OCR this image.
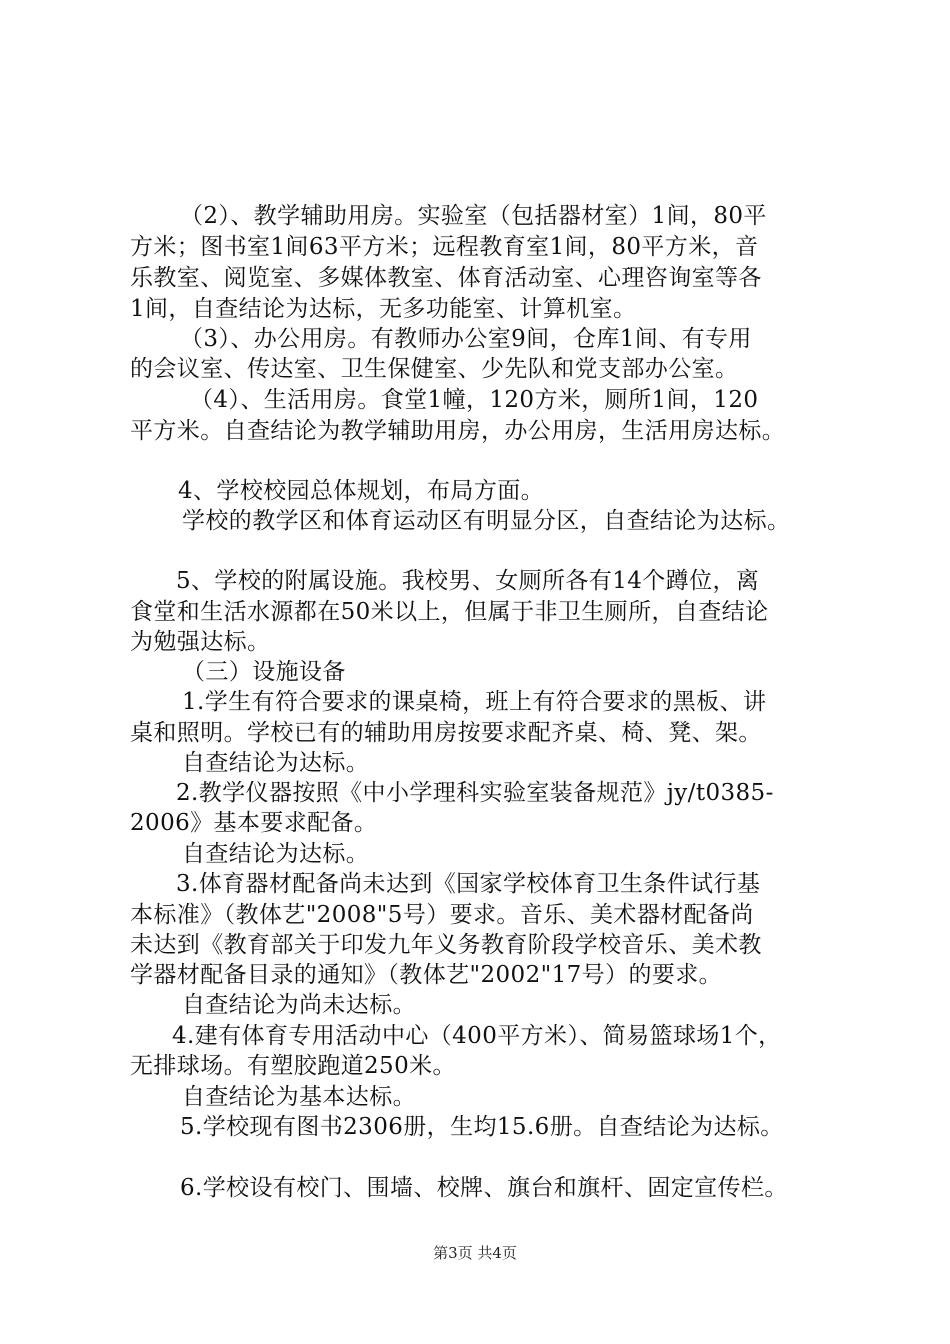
（2）、教学辅助用房。实验室（包括器材室）1间，80平

方米；图书室1间63平方米；远程教育室1间，80平方米，音

乐教室、阅览室、多媒体教室、体育活动室、心理咨询室等各

1间，自查结论为达标，无多功能室、计算机室。

（3）、办公用房。有教师办公室9间，仓库1间、有专用

的会议室、传达室、卫生保健室、少先队和党支部办公室。

（4）、生活用房。食堂1幢，120方米，厕所1间，120

平方米。自查结论为教学辅助用房，办公用房，生活用房达标。

4、学校校园总体规划，布局方面。

学校的教学区和体育运动区有明显分区，自查结论为达标。

5、学校的附属设施。我校男、女厕所各有14个蹲位，离

食堂和生活水源都在50米以上，但属于非卫生厕所，自查结论

为勉强达标。

（三）设施设备

1.学生有符合要求的课桌椅，班上有符合要求的黑板、讲

桌和照明。学校已有的辅助用房按要求配齐桌、椅、凳、架。

自查结论为达标。

2.教学仪器按照《中小学理科实验室装备规范》jy/t0385-

2006》基本要求配备。

自查结论为达标。

3.体育器材配备尚未达到《国家学校体育卫生条件试行基

本标准》（教体艺"2008"5号）要求。音乐、美术器材配备尚

未达到《教育部关于印发九年义务教育阶段学校音乐、美术教

学器材配备目录的通知》（教体艺"2002"17号）的要求。

自查结论为尚未达标。

4.建有体育专用活动中心（400平方米）、简易篮球场1个，

无排球场。有塑胶跑道250米。

自查结论为基本达标。

5.学校现有图书2306册，生均15.6册。自查结论为达标。

6.学校设有校门、围墙、校牌、旗台和旗杆、固定宣传栏。

第3页 共4页
